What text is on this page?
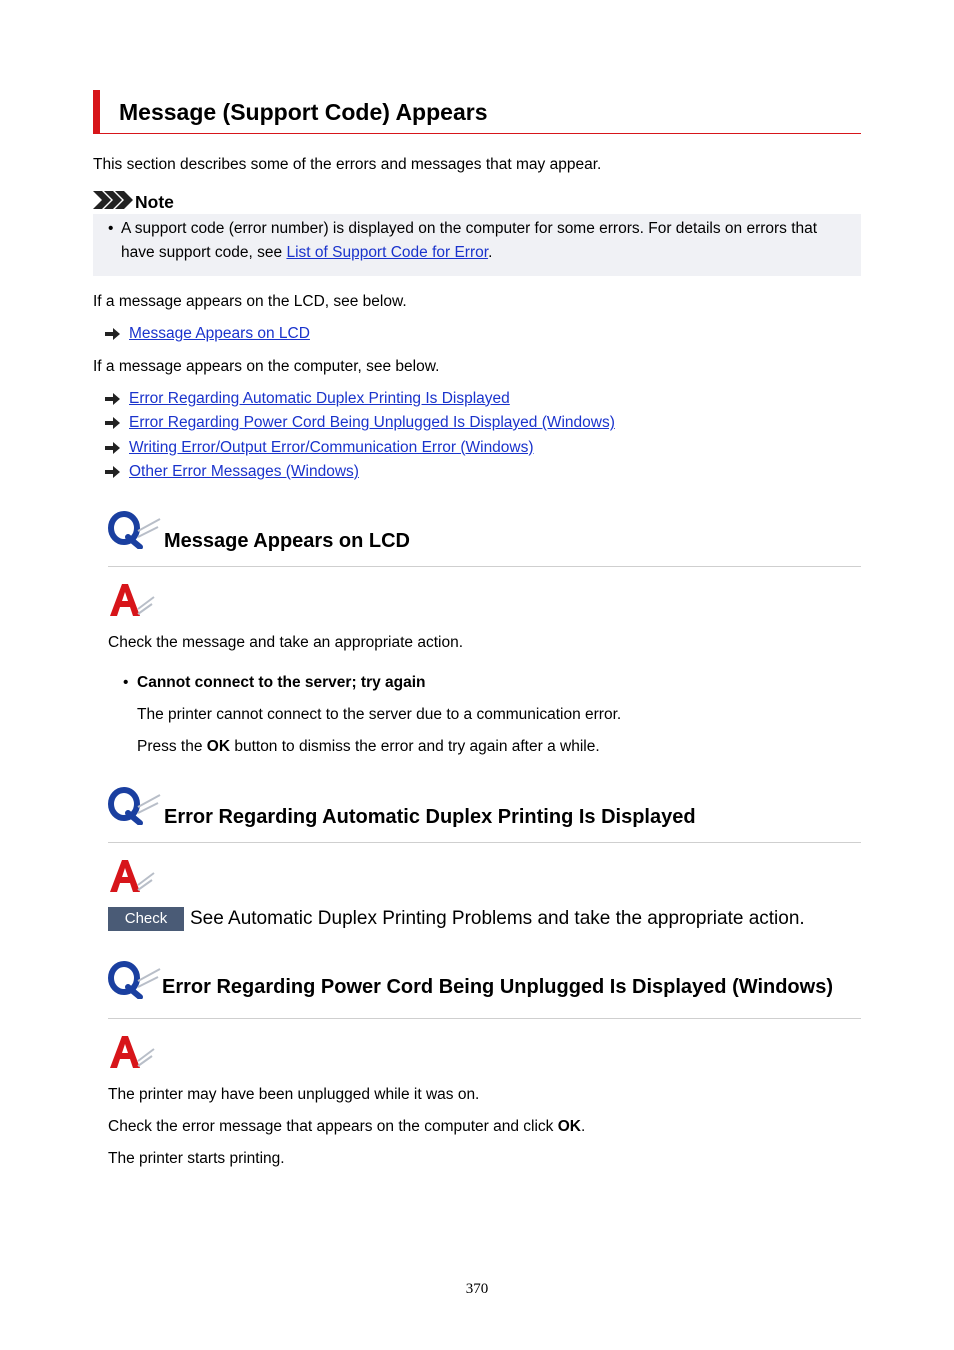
Message (Support Code) Appears

This section describes some of the errors and messages that may appear.

Note
• A support code (error number) is displayed on the computer for some errors. For details on errors that have support code, see List of Support Code for Error.

If a message appears on the LCD, see below.

Message Appears on LCD

If a message appears on the computer, see below.

Error Regarding Automatic Duplex Printing Is Displayed
Error Regarding Power Cord Being Unplugged Is Displayed (Windows)
Writing Error/Output Error/Communication Error (Windows)
Other Error Messages (Windows)
Message Appears on LCD

Check the message and take an appropriate action.

• Cannot connect to the server; try again

The printer cannot connect to the server due to a communication error.

Press the OK button to dismiss the error and try again after a while.

Error Regarding Automatic Duplex Printing Is Displayed
Check	See Automatic Duplex Printing Problems and take the appropriate action.
Error Regarding Power Cord Being Unplugged Is Displayed (Windows)

The printer may have been unplugged while it was on.

Check the error message that appears on the computer and click OK.

The printer starts printing.

370
